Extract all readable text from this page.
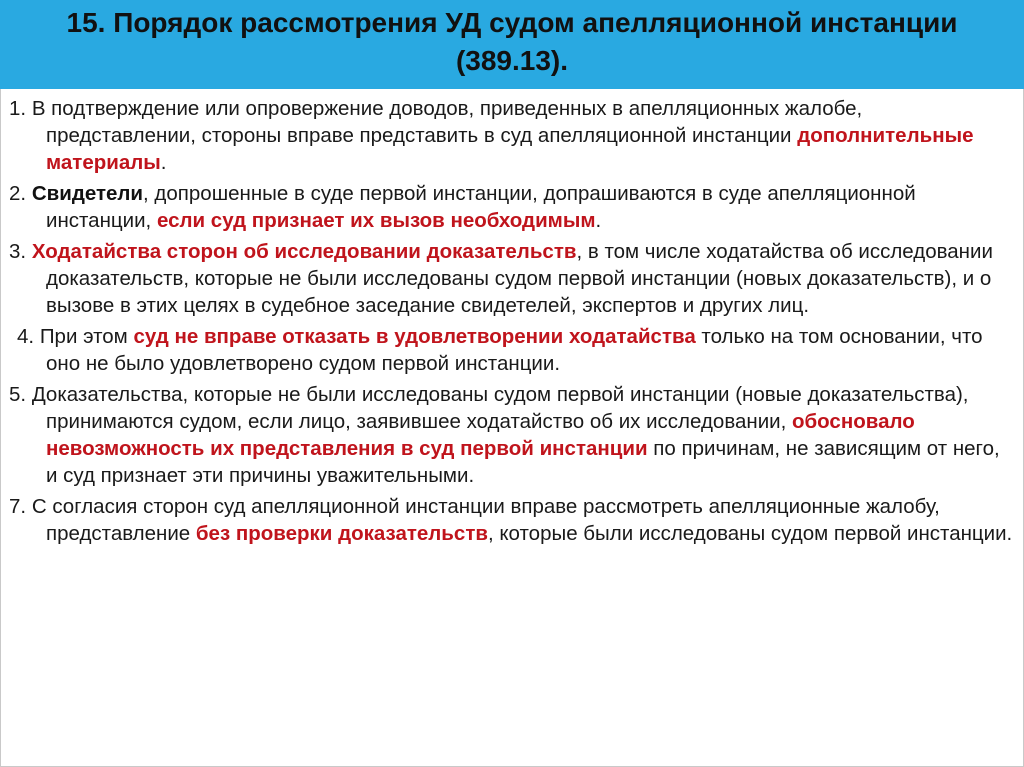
15. Порядок рассмотрения УД судом апелляционной инстанции (389.13).
1. В подтверждение или опровержение доводов, приведенных в апелляционных жалобе, представлении, стороны вправе представить в суд апелляционной инстанции дополнительные материалы.
2. Свидетели, допрошенные в суде первой инстанции, допрашиваются в суде апелляционной инстанции, если суд признает их вызов необходимым.
3. Ходатайства сторон об исследовании доказательств, в том числе ходатайства об исследовании доказательств, которые не были исследованы судом первой инстанции (новых доказательств), и о вызове в этих целях в судебное заседание свидетелей, экспертов и других лиц.
4. При этом суд не вправе отказать в удовлетворении ходатайства только на том основании, что оно не было удовлетворено судом первой инстанции.
5. Доказательства, которые не были исследованы судом первой инстанции (новые доказательства), принимаются судом, если лицо, заявившее ходатайство об их исследовании, обосновало невозможность их представления в суд первой инстанции по причинам, не зависящим от него, и суд признает эти причины уважительными.
7. С согласия сторон суд апелляционной инстанции вправе рассмотреть апелляционные жалобу, представление без проверки доказательств, которые были исследованы судом первой инстанции.
